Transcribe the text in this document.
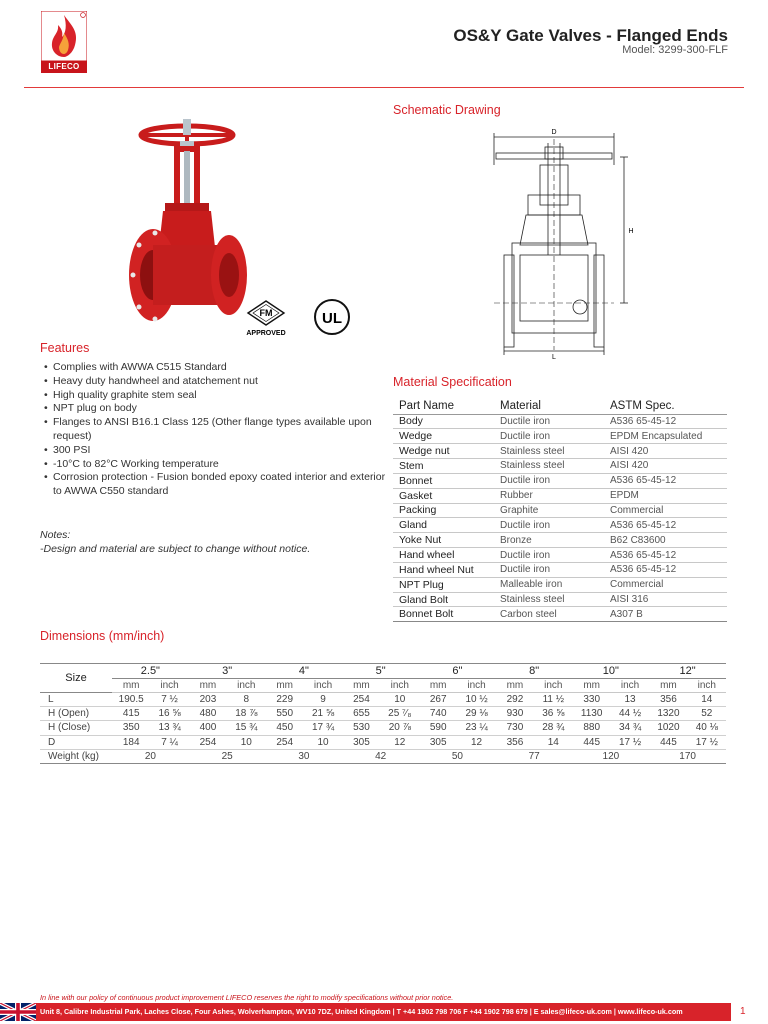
LIFECO
OS&Y Gate Valves - Flanged Ends
Model: 3299-300-FLF
FM
APPROVED
UL
Schematic Drawing
D
L
H
Features
• Complies with AWWA C515 Standard
• Heavy duty handwheel and atatchement nut
• High quality graphite stem seal
• NPT plug on body
• Flanges to ANSI B16.1 Class 125 (Other flange types available upon request)
• 300 PSI
• -10°C to 82°C Working temperature
• Corrosion protection - Fusion bonded epoxy coated interior and exterior to AWWA C550 standard
Notes:
-Design and material are subject to change without notice.
Material Specification
Part Name	Material	ASTM Spec.
Body	Ductile iron	A536 65-45-12
Wedge	Ductile iron	EPDM Encapsulated
Wedge nut	Stainless steel	AISI 420
Stem	Stainless steel	AISI 420
Bonnet	Ductile iron	A536 65-45-12
Gasket	Rubber	EPDM
Packing	Graphite	Commercial
Gland	Ductile iron	A536 65-45-12
Yoke Nut	Bronze	B62 C83600
Hand wheel	Ductile iron	A536 65-45-12
Hand wheel Nut	Ductile iron	A536 65-45-12
NPT Plug	Malleable iron	Commercial
Gland Bolt	Stainless steel	AISI 316
Bonnet Bolt	Carbon steel	A307 B
Dimensions (mm/inch)
Size	2.5"		3"		4"		5"		6"		8"		10"		12"	
	mm	inch	mm	inch	mm	inch	mm	inch	mm	inch	mm	inch	mm	inch	mm	inch
L	190.5	7 ½	203	8	229	9	254	10	267	10 ½	292	11 ½	330	13	356	14
H (Open)	415	16 ⅝	480	18 ⅞	550	21 ⅝	655	25 ⁷⁄₈	740	29 ⅛	930	36 ⅝	1130	44 ½	1320	52
H (Close)	350	13 ¾	400	15 ¾	450	17 ¾	530	20 ⅞	590	23 ¼	730	28 ¾	880	34 ¾	1020	40 ⅛
D	184	7 ¼	254	10	254	10	305	12	305	12	356	14	445	17 ½	445	17 ½
Weight (kg)	20		25		30		42		50		77		120		170	
In line with our policy of continuous product improvement LIFECO reserves the right to modify specifications without prior notice.
Unit 8, Calibre Industrial Park, Laches Close, Four Ashes, Wolverhampton, WV10 7DZ, United Kingdom | T +44 1902 798 706 F +44 1902 798 679 | E sales@lifeco-uk.com | www.lifeco-uk.com	1
